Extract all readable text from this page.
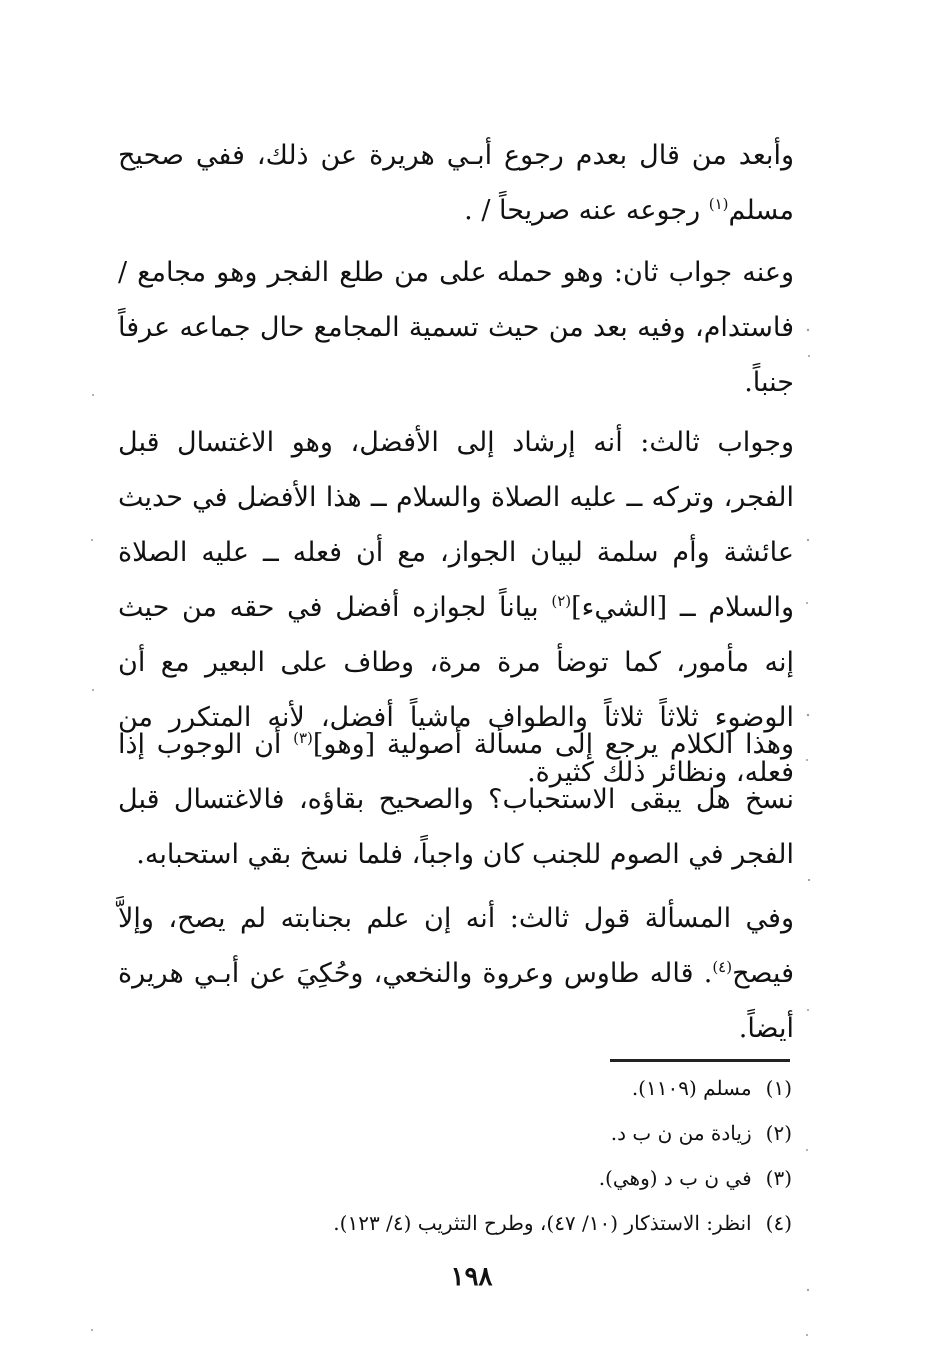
وأبعد من قال بعدم رجوع أبـي هريرة عن ذلك، ففي صحيح مسلم$^{(١)}$ رجوعه عنه صريحاً / .

وعنه جواب ثان: وهو حمله على من طلع الفجر وهو مجامع / فاستدام، وفيه بعد من حيث تسمية المجامع حال جماعه عرفاً جنباً.

وجواب ثالث: أنه إرشاد إلى الأفضل، وهو الاغتسال قبل الفجر، وتركه ــ عليه الصلاة والسلام ــ هذا الأفضل في حديث عائشة وأم سلمة لبيان الجواز، مع أن فعله ــ عليه الصلاة والسلام ــ [الشيء]$^{(٢)}$ بياناً لجوازه أفضل في حقه من حيث إنه مأمور، كما توضأ مرة مرة، وطاف على البعير مع أن الوضوء ثلاثاً ثلاثاً والطواف ماشياً أفضل، لأنه المتكرر من فعله، ونظائر ذلك كثيرة.

وهذا الكلام يرجع إلى مسألة أصولية [وهو]$^{(٣)}$ أن الوجوب إذا نسخ هل يبقى الاستحباب؟ والصحيح بقاؤه، فالاغتسال قبل الفجر في الصوم للجنب كان واجباً، فلما نسخ بقي استحبابه.

وفي المسألة قول ثالث: أنه إن علم بجنابته لم يصح، وإلاَّ فيصح$^{(٤)}$. قاله طاوس وعروة والنخعي، وحُكِيَ عن أبـي هريرة أيضاً.

(١)مسلم (١١٠٩).

(٢)زيادة من ن ب د.

(٣)في ن ب د (وهي).

(٤)انظر: الاستذكار (١٠/ ٤٧)، وطرح التثريب (٤/ ١٢٣).

١٩٨
